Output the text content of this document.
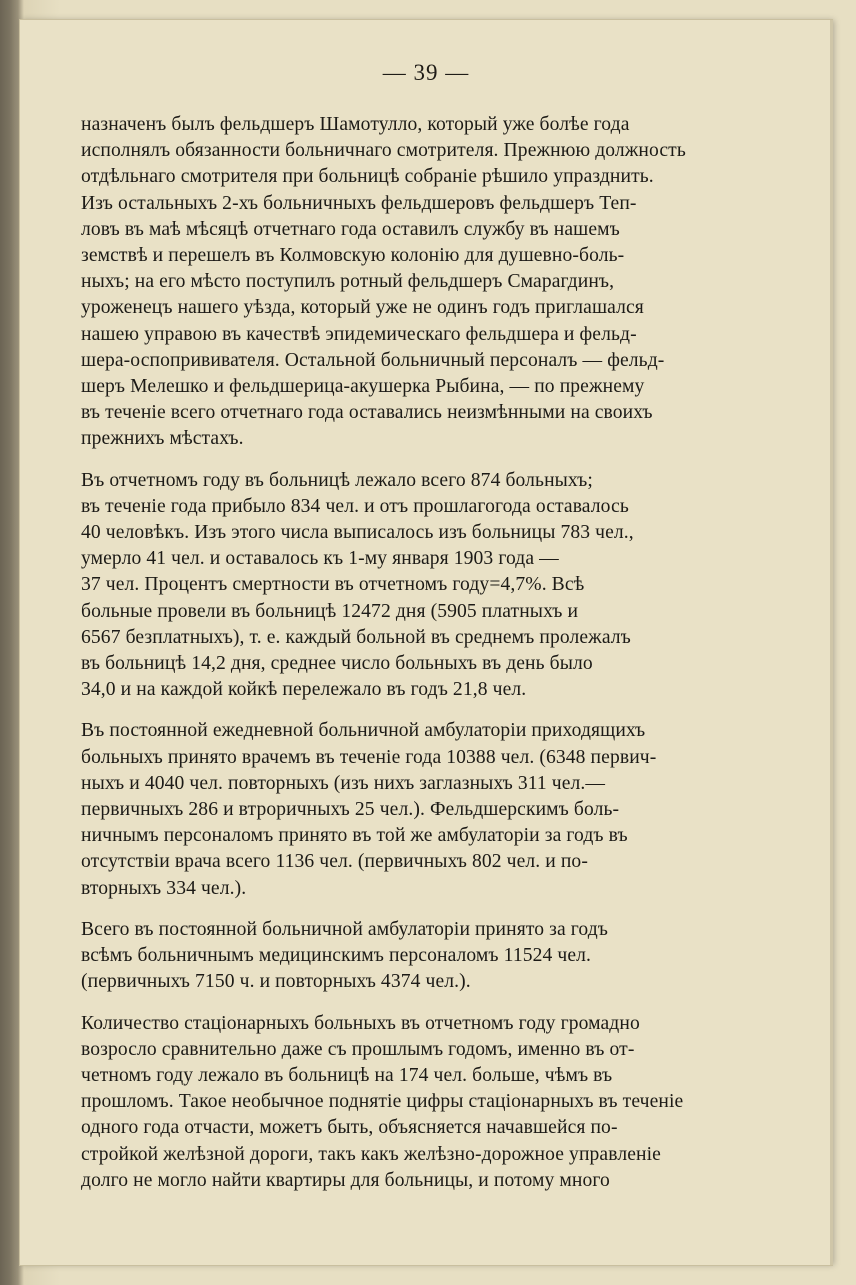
— 39 —

назначенъ былъ фельдшеръ Шамотулло, который уже болѣе года
исполнялъ обязанности больничнаго смотрителя. Прежнюю должность
отдѣльнаго смотрителя при больницѣ собраніе рѣшило упразднить.
Изъ остальныхъ 2-хъ больничныхъ фельдшеровъ фельдшеръ Теп-
ловъ въ маѣ мѣсяцѣ отчетнаго года оставилъ службу въ нашемъ
земствѣ и перешелъ въ Колмовскую колонію для душевно-боль-
ныхъ; на его мѣсто поступилъ ротный фельдшеръ Смарагдинъ,
уроженецъ нашего уѣзда, который уже не одинъ годъ приглашался
нашею управою въ качествѣ эпидемическаго фельдшера и фельд-
шера-оспопрививателя. Остальной больничный персоналъ — фельд-
шеръ Мелешко и фельдшерица-акушерка Рыбина, — по прежнему
въ теченіе всего отчетнаго года оставались неизмѣнными на своихъ
прежнихъ мѣстахъ.

Въ отчетномъ году въ больницѣ лежало всего 874 больныхъ;
въ теченіе года прибыло 834 чел. и отъ прошлагогода оставалось
40 человѣкъ. Изъ этого числа выписалось изъ больницы 783 чел.,
умерло 41 чел. и оставалось къ 1-му января 1903 года —
37 чел. Процентъ смертности въ отчетномъ году=4,7%. Всѣ
больные провели въ больницѣ 12472 дня (5905 платныхъ и
6567 безплатныхъ), т. е. каждый больной въ среднемъ пролежалъ
въ больницѣ 14,2 дня, среднее число больныхъ въ день было
34,0 и на каждой койкѣ перележало въ годъ 21,8 чел.

Въ постоянной ежедневной больничной амбулаторіи приходящихъ
больныхъ принято врачемъ въ теченіе года 10388 чел. (6348 первич-
ныхъ и 4040 чел. повторныхъ (изъ нихъ заглазныхъ 311 чел.—
первичныхъ 286 и втроричныхъ 25 чел.). Фельдшерскимъ боль-
ничнымъ персоналомъ принято въ той же амбулаторіи за годъ въ
отсутствіи врача всего 1136 чел. (первичныхъ 802 чел. и по-
вторныхъ 334 чел.).

Всего въ постоянной больничной амбулаторіи принято за годъ
всѣмъ больничнымъ медицинскимъ персоналомъ 11524 чел.
(первичныхъ 7150 ч. и повторныхъ 4374 чел.).

Количество стаціонарныхъ больныхъ въ отчетномъ году громадно
возросло сравнительно даже съ прошлымъ годомъ, именно въ от-
четномъ году лежало въ больницѣ на 174 чел. больше, чѣмъ въ
прошломъ. Такое необычное поднятіе цифры стаціонарныхъ въ теченіе
одного года отчасти, можетъ быть, объясняется начавшейся по-
стройкой желѣзной дороги, такъ какъ желѣзно-дорожное управленіе
долго не могло найти квартиры для больницы, и потому много
